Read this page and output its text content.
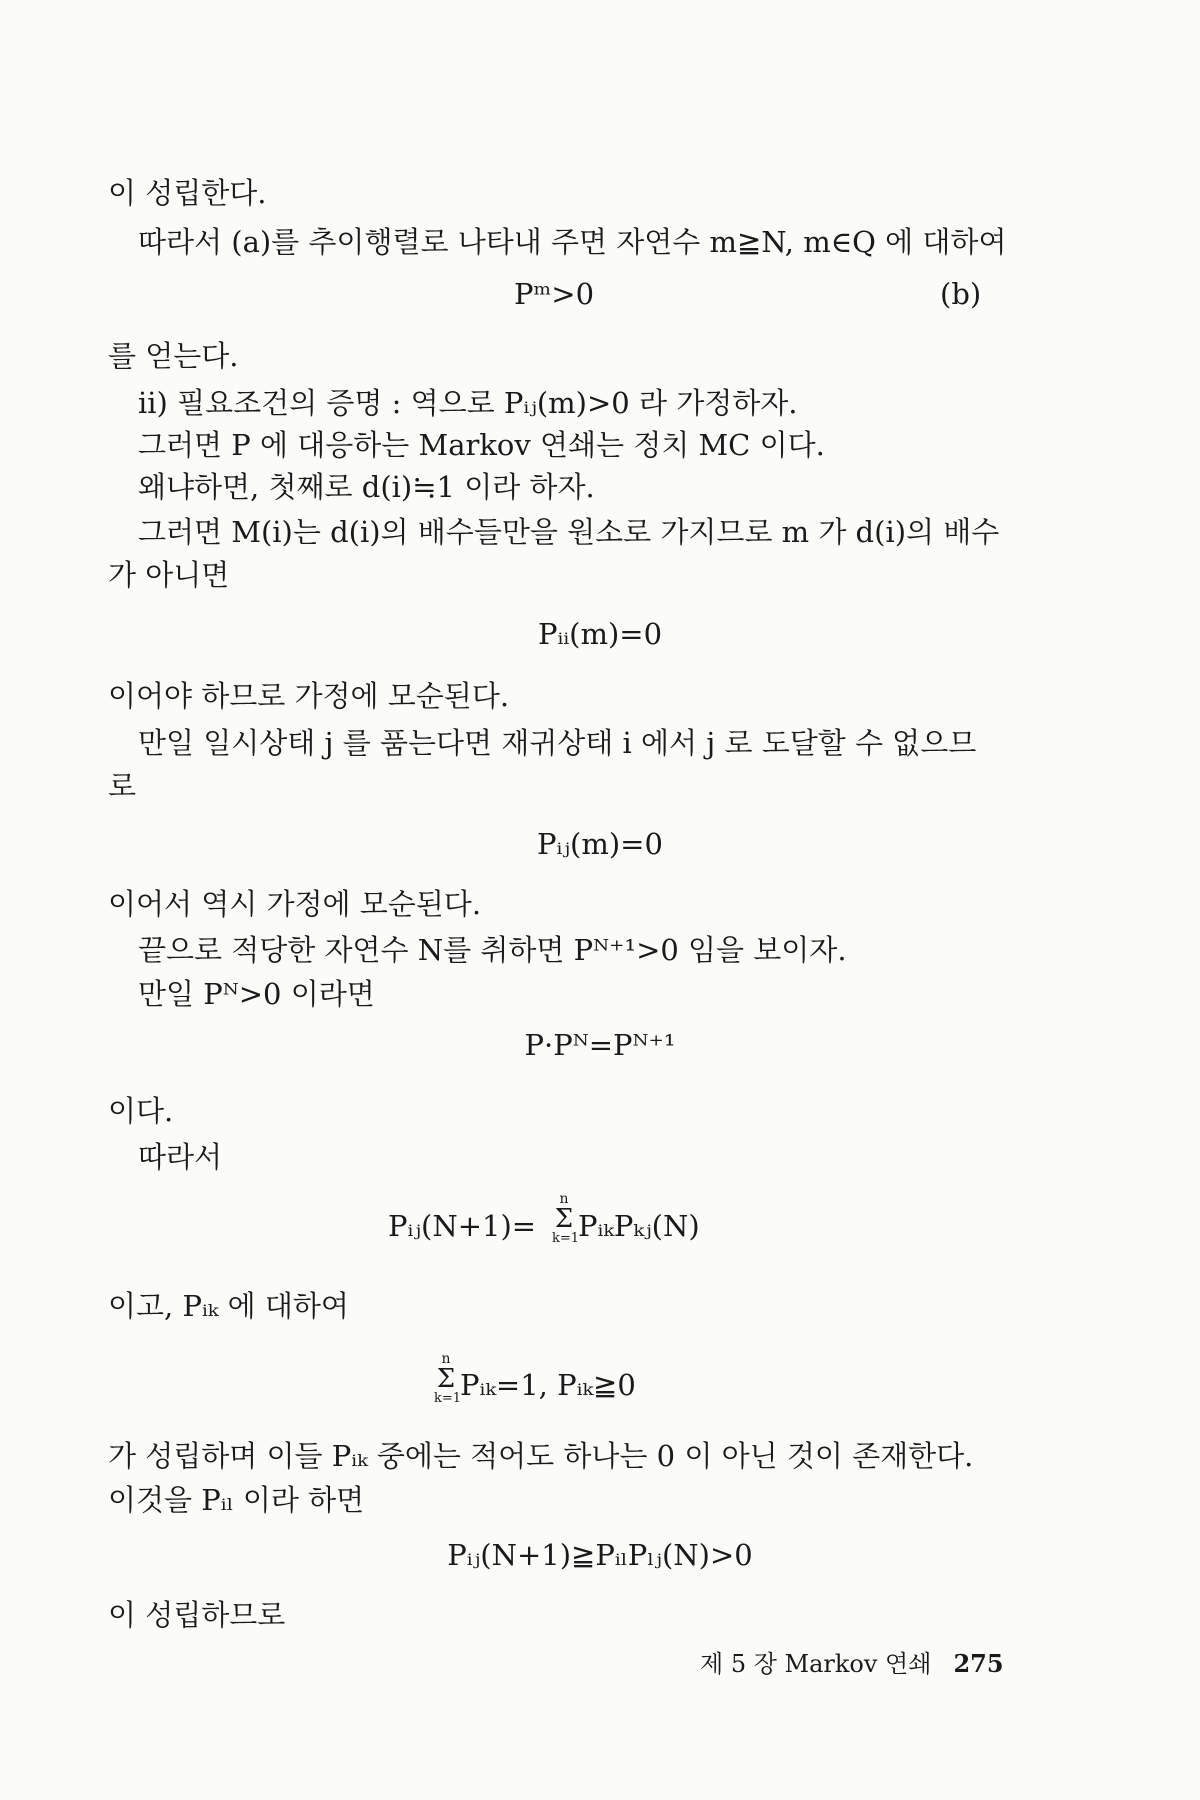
이 성립한다.
따라서 (a)를 추이행렬로 나타내 주면 자연수 m≧N, m∈Q 에 대하여
Pᵐ>0	(b)
를 얻는다.
ii) 필요조건의 증명 : 역으로 Pᵢⱼ(m)>0 라 가정하자.
그러면 P 에 대응하는 Markov 연쇄는 정치 MC 이다.
왜냐하면, 첫째로 d(i)≒1 이라 하자.
그러면 M(i)는 d(i)의 배수들만을 원소로 가지므로 m 가 d(i)의 배수
가 아니면
Pᵢᵢ(m)=0
이어야 하므로 가정에 모순된다.
만일 일시상태 j 를 품는다면 재귀상태 i 에서 j 로 도달할 수 없으므
로
Pᵢⱼ(m)=0
이어서 역시 가정에 모순된다.
끝으로 적당한 자연수 N를 취하면 Pᴺ⁺¹>0 임을 보이자.
만일 Pᴺ>0 이라면
P·Pᴺ=Pᴺ⁺¹
이다.
따라서
Pᵢⱼ(N+1)=
n
Σ
k=1
PᵢₖPₖⱼ(N)
이고, Pᵢₖ 에 대하여
n
Σ
k=1
Pᵢₖ=1, Pᵢₖ≧0
가 성립하며 이들 Pᵢₖ 중에는 적어도 하나는 0 이 아닌 것이 존재한다.
이것을 Pᵢₗ 이라 하면
Pᵢⱼ(N+1)≧PᵢₗPₗⱼ(N)>0
이 성립하므로
제 5 장 Markov 연쇄 275
